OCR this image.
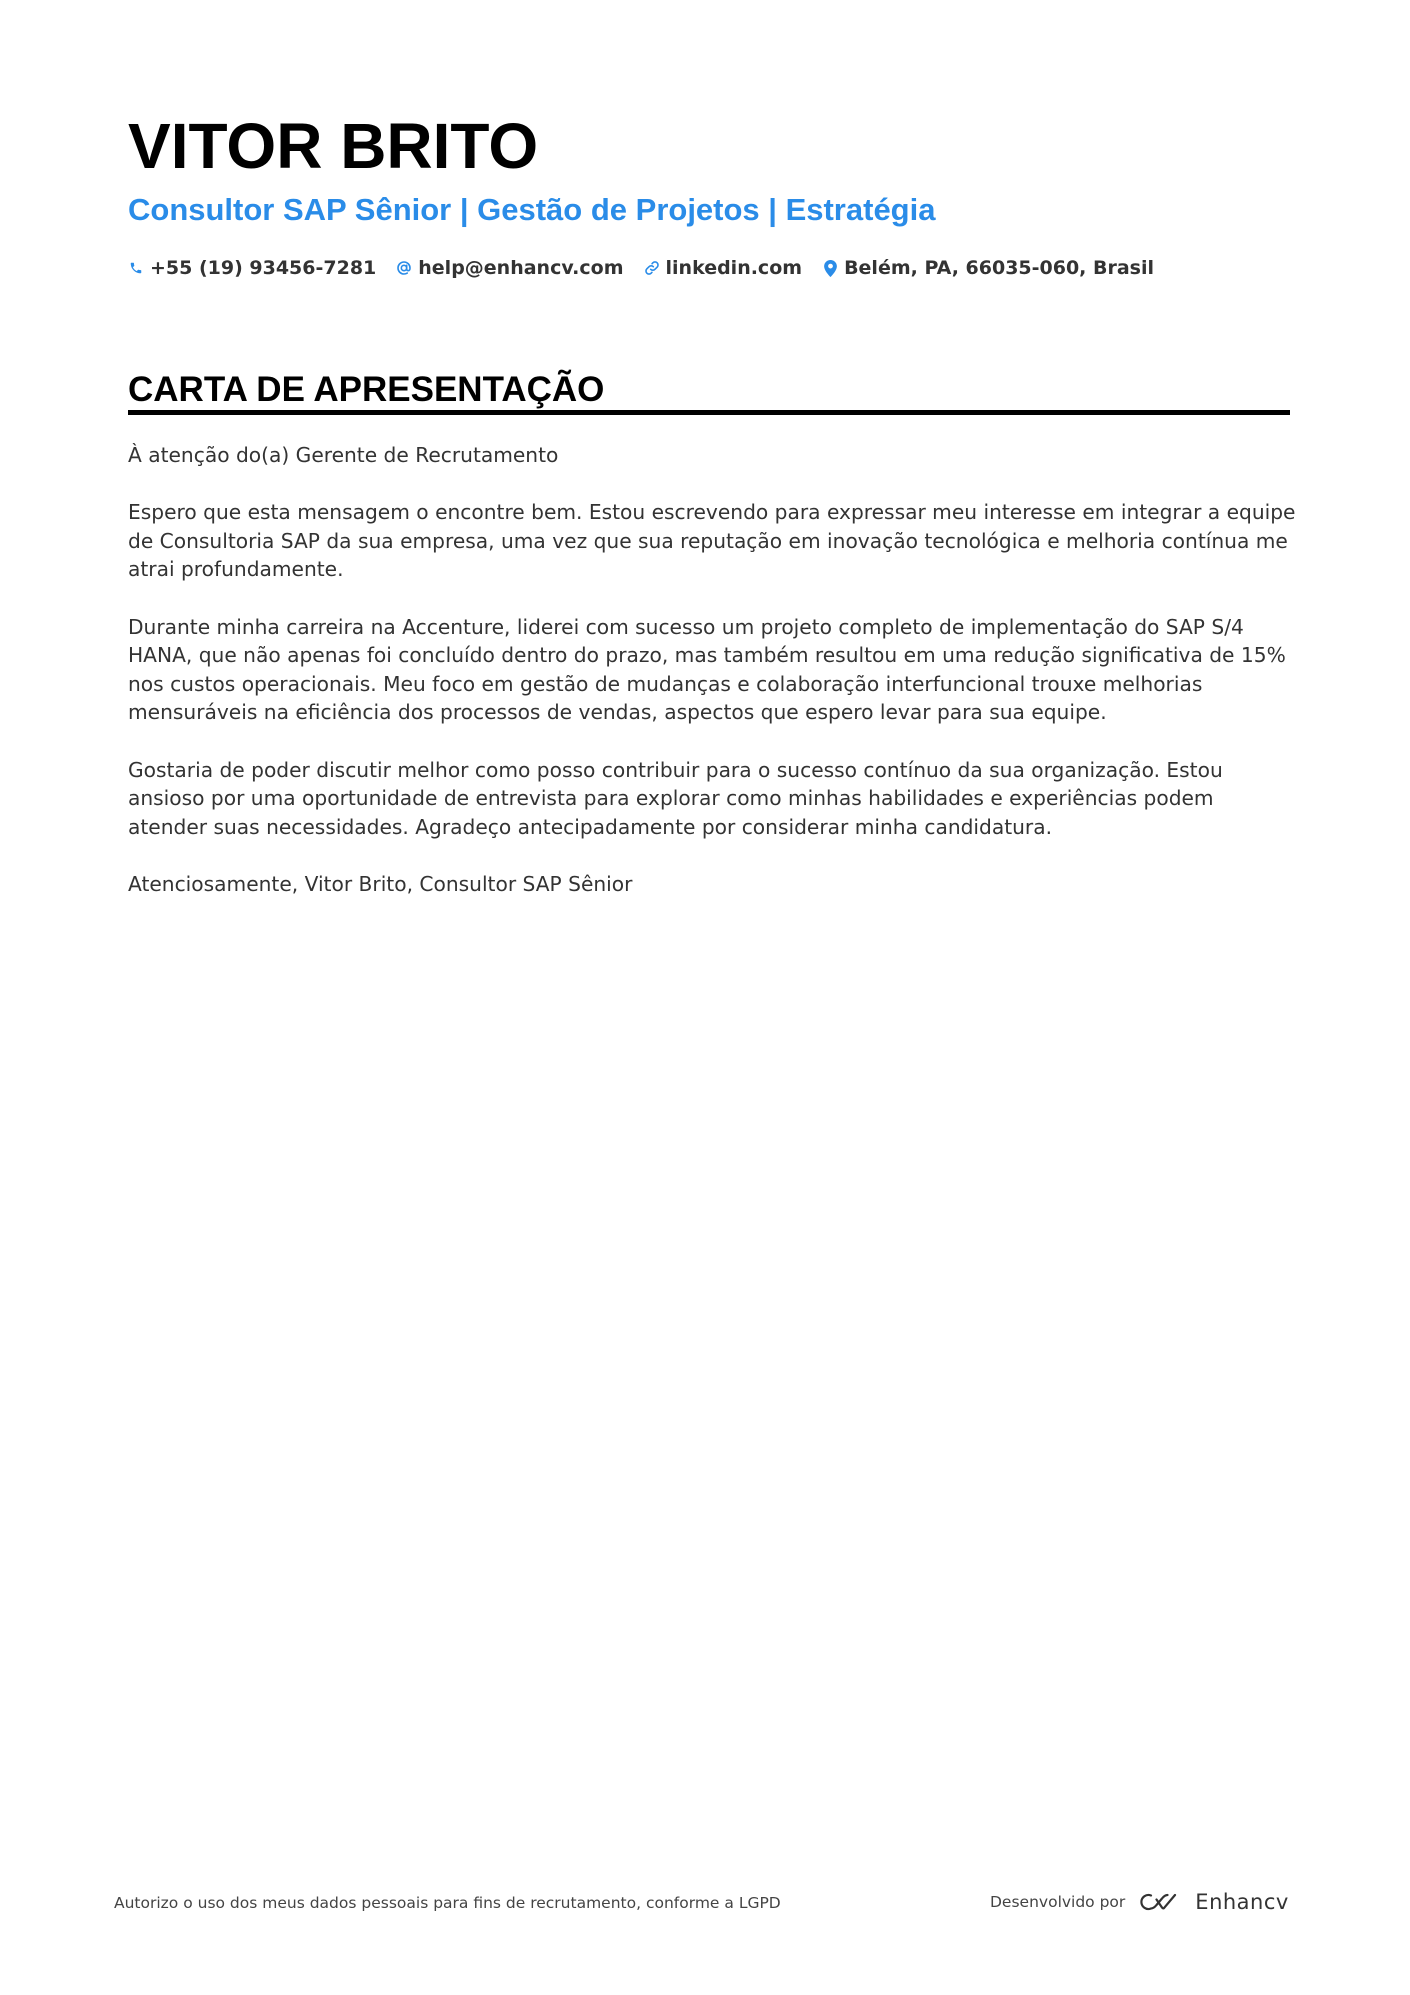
VITOR BRITO
Consultor SAP Sênior | Gestão de Projetos | Estratégia
+55 (19) 93456-7281 help@enhancv.com linkedin.com Belém, PA, 66035-060, Brasil
CARTA DE APRESENTAÇÃO

À atenção do(a) Gerente de Recrutamento

Espero que esta mensagem o encontre bem. Estou escrevendo para expressar meu interesse em integrar a equipe de Consultoria SAP da sua empresa, uma vez que sua reputação em inovação tecnológica e melhoria contínua me atrai profundamente.

Durante minha carreira na Accenture, liderei com sucesso um projeto completo de implementação do SAP S/4 HANA, que não apenas foi concluído dentro do prazo, mas também resultou em uma redução significativa de 15% nos custos operacionais. Meu foco em gestão de mudanças e colaboração interfuncional trouxe melhorias mensuráveis na eficiência dos processos de vendas, aspectos que espero levar para sua equipe.

Gostaria de poder discutir melhor como posso contribuir para o sucesso contínuo da sua organização. Estou ansioso por uma oportunidade de entrevista para explorar como minhas habilidades e experiências podem atender suas necessidades. Agradeço antecipadamente por considerar minha candidatura.

Atenciosamente, Vitor Brito, Consultor SAP Sênior

Autorizo o uso dos meus dados pessoais para fins de recrutamento, conforme a LGPD	Desenvolvido por	Enhancv
